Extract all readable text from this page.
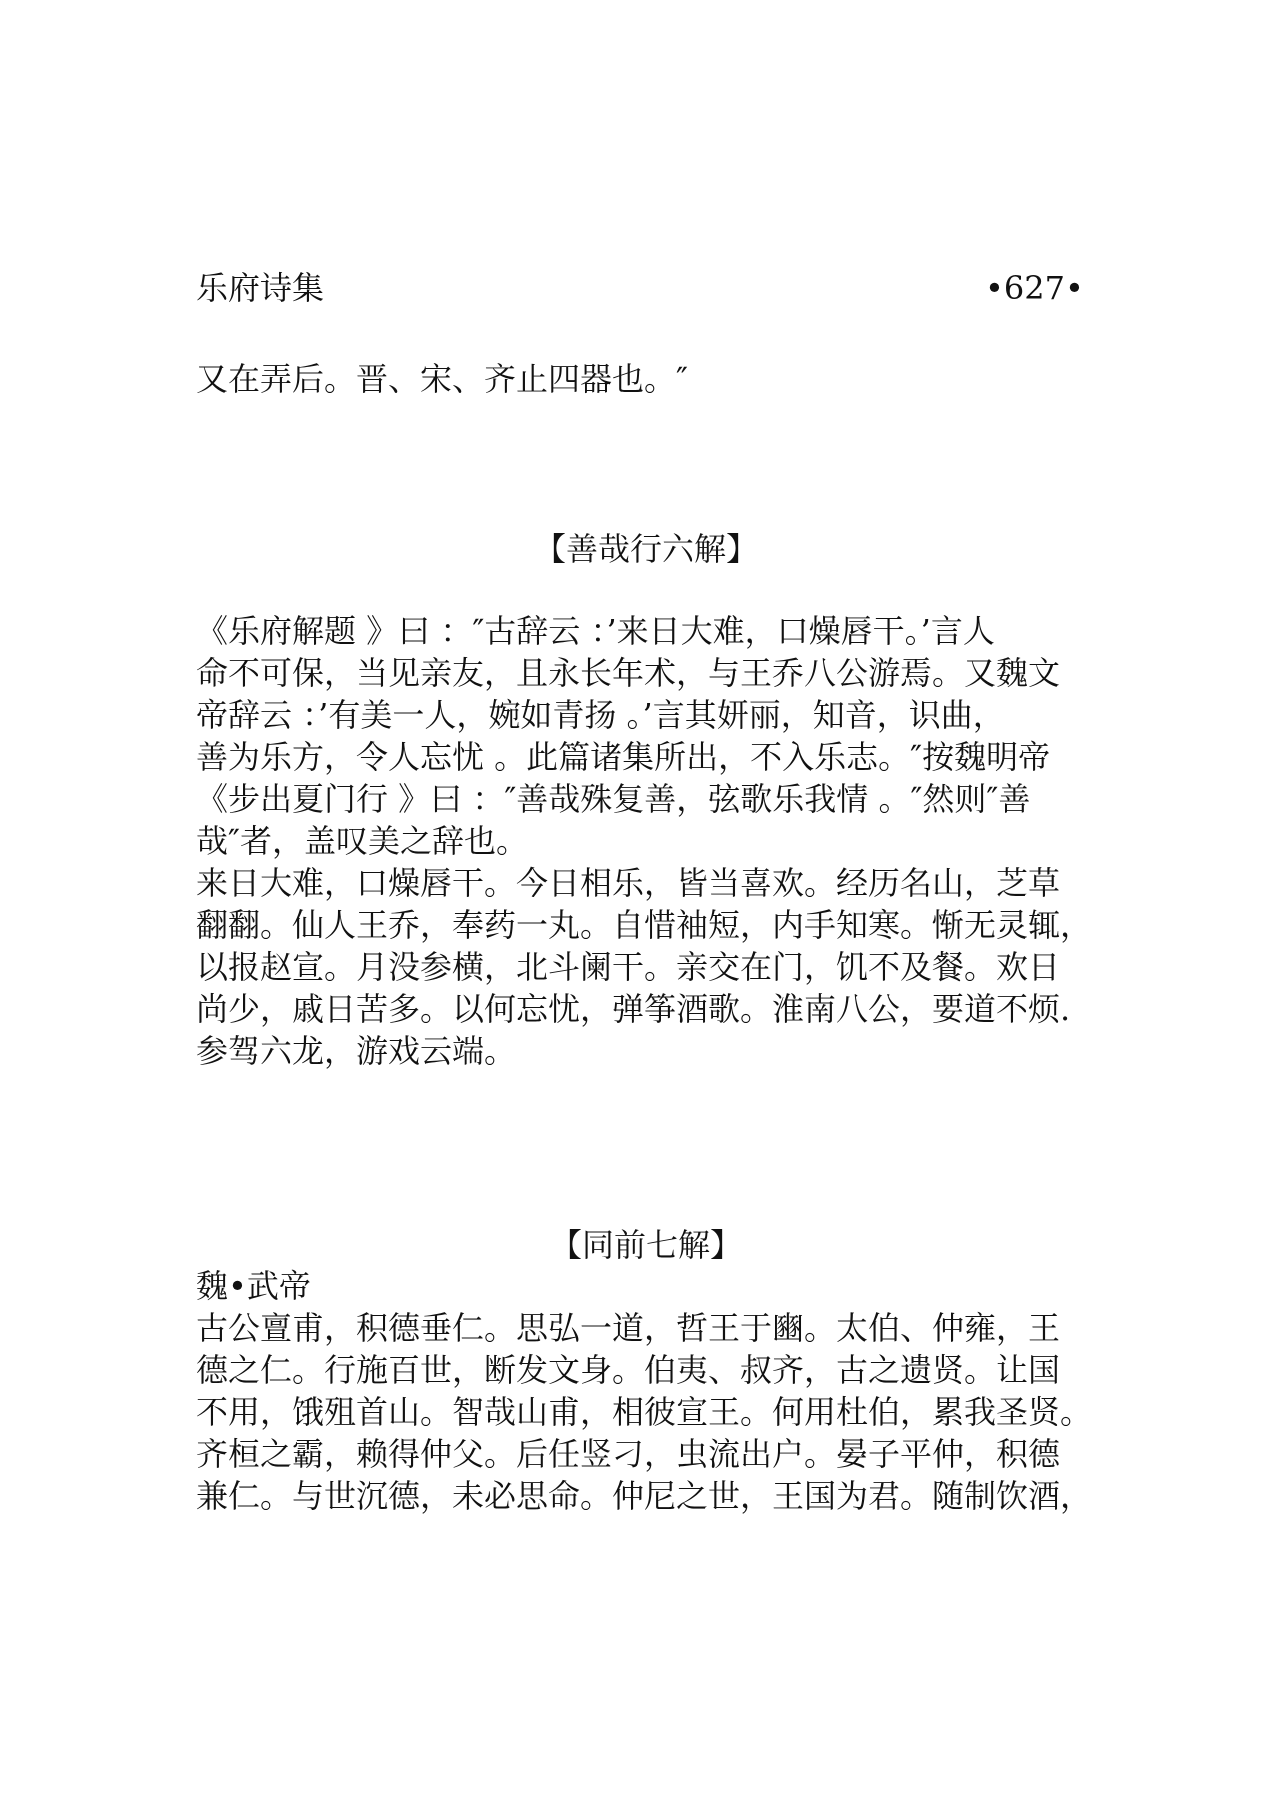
乐府诗集	•627•
又在弄后。晋、宋、齐止四器也。″
【善哉行六解】
《乐府解题 》曰 ：″古辞云 ：’来日大难，口燥唇干。’言人
命不可保，当见亲友，且永长年术，与王乔八公游焉。又魏文
帝辞云 ：’有美一人，婉如青扬 。’言其妍丽，知音，识曲，
善为乐方，令人忘忧 。此篇诸集所出，不入乐志。″按魏明帝
《步出夏门行 》曰 ：″善哉殊复善，弦歌乐我情 。″然则″善
哉″者，盖叹美之辞也。
来日大难，口燥唇干。今日相乐，皆当喜欢。经历名山，芝草
翻翻。仙人王乔，奉药一丸。自惜袖短，内手知寒。惭无灵辄，
以报赵宣。月没参横，北斗阑干。亲交在门，饥不及餐。欢日
尚少，戚日苦多。以何忘忧，弹筝酒歌。淮南八公，要道不烦.
参驾六龙，游戏云端。
【同前七解】
魏•武帝
古公亶甫，积德垂仁。思弘一道，哲王于豳。太伯、仲雍，王
德之仁。行施百世，断发文身。伯夷、叔齐，古之遗贤。让国
不用，饿殂首山。智哉山甫，相彼宣王。何用杜伯，累我圣贤。
齐桓之霸，赖得仲父。后任竖刁，虫流出户。晏子平仲，积德
兼仁。与世沉德，未必思命。仲尼之世，王国为君。随制饮酒，
